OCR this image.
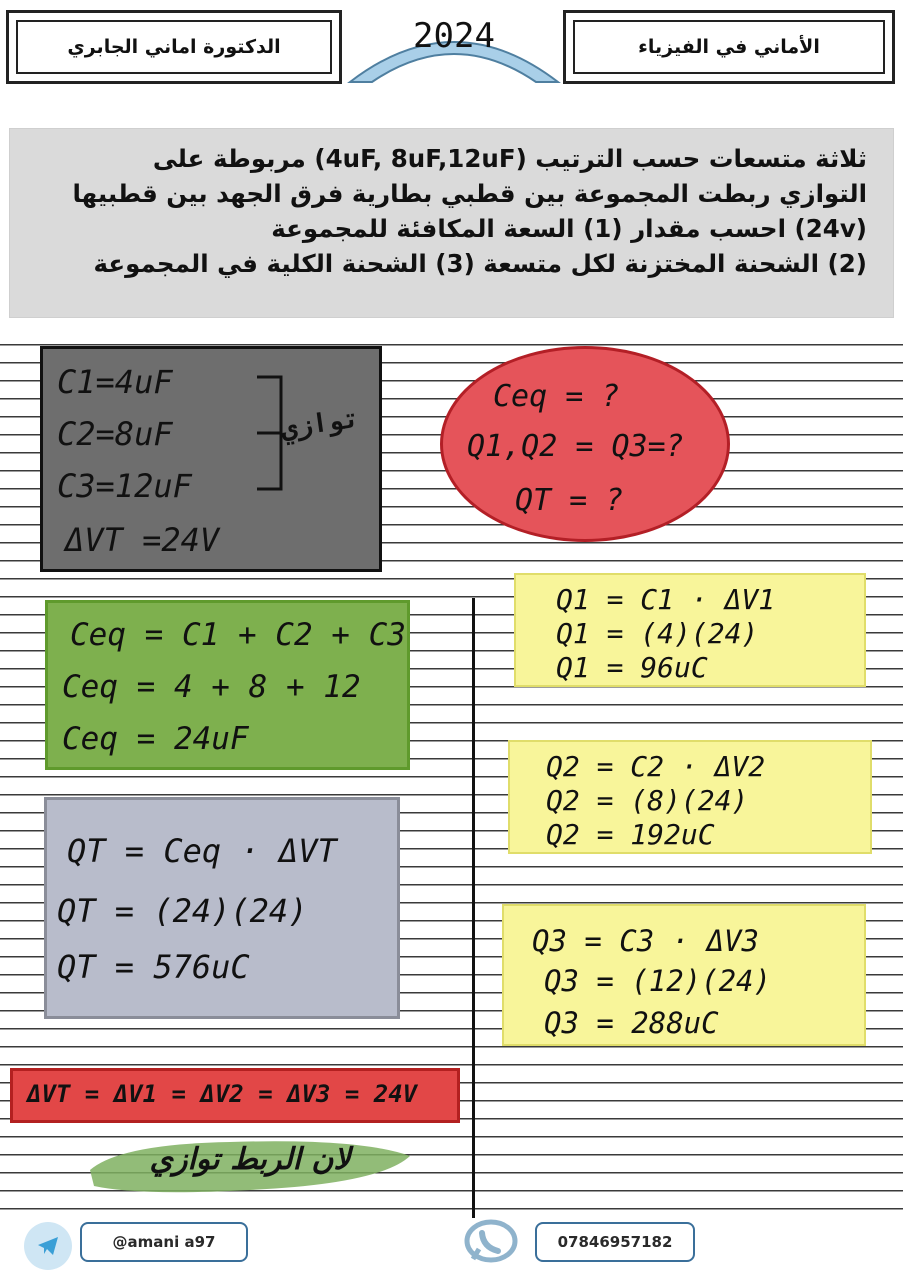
الأماني في الفيزياء
الدكتورة اماني الجابري	2024
ثلاثة متسعات حسب الترتيب (4uF, 8uF,12uF) مربوطة على
التوازي ربطت المجموعة بين قطبي بطارية فرق الجهد بين قطبيها
(24v) احسب مقدار (1) السعة المكافئة للمجموعة
(2) الشحنة المختزنة لكل متسعة (3) الشحنة الكلية في المجموعة
C1=4uF
C2=8uF
C3=12uF
توازي
ΔVT =24V
Ceq = ?
Q1,Q2 = Q3=?
QT = ?
Ceq = C1 + C2 + C3
Ceq = 4 + 8 + 12
Ceq = 24uF
QT = Ceq · ΔVT
QT = (24)(24)
QT = 576uC
Q1 = C1 · ΔV1
Q1 = (4)(24)
Q1 = 96uC
Q2 = C2 · ΔV2
Q2 = (8)(24)
Q2 = 192uC
Q3 = C3 · ΔV3
Q3 = (12)(24)
Q3 = 288uC
ΔVT = ΔV1 = ΔV2 = ΔV3 = 24V
لان الربط توازي
@amani a97	07846957182
